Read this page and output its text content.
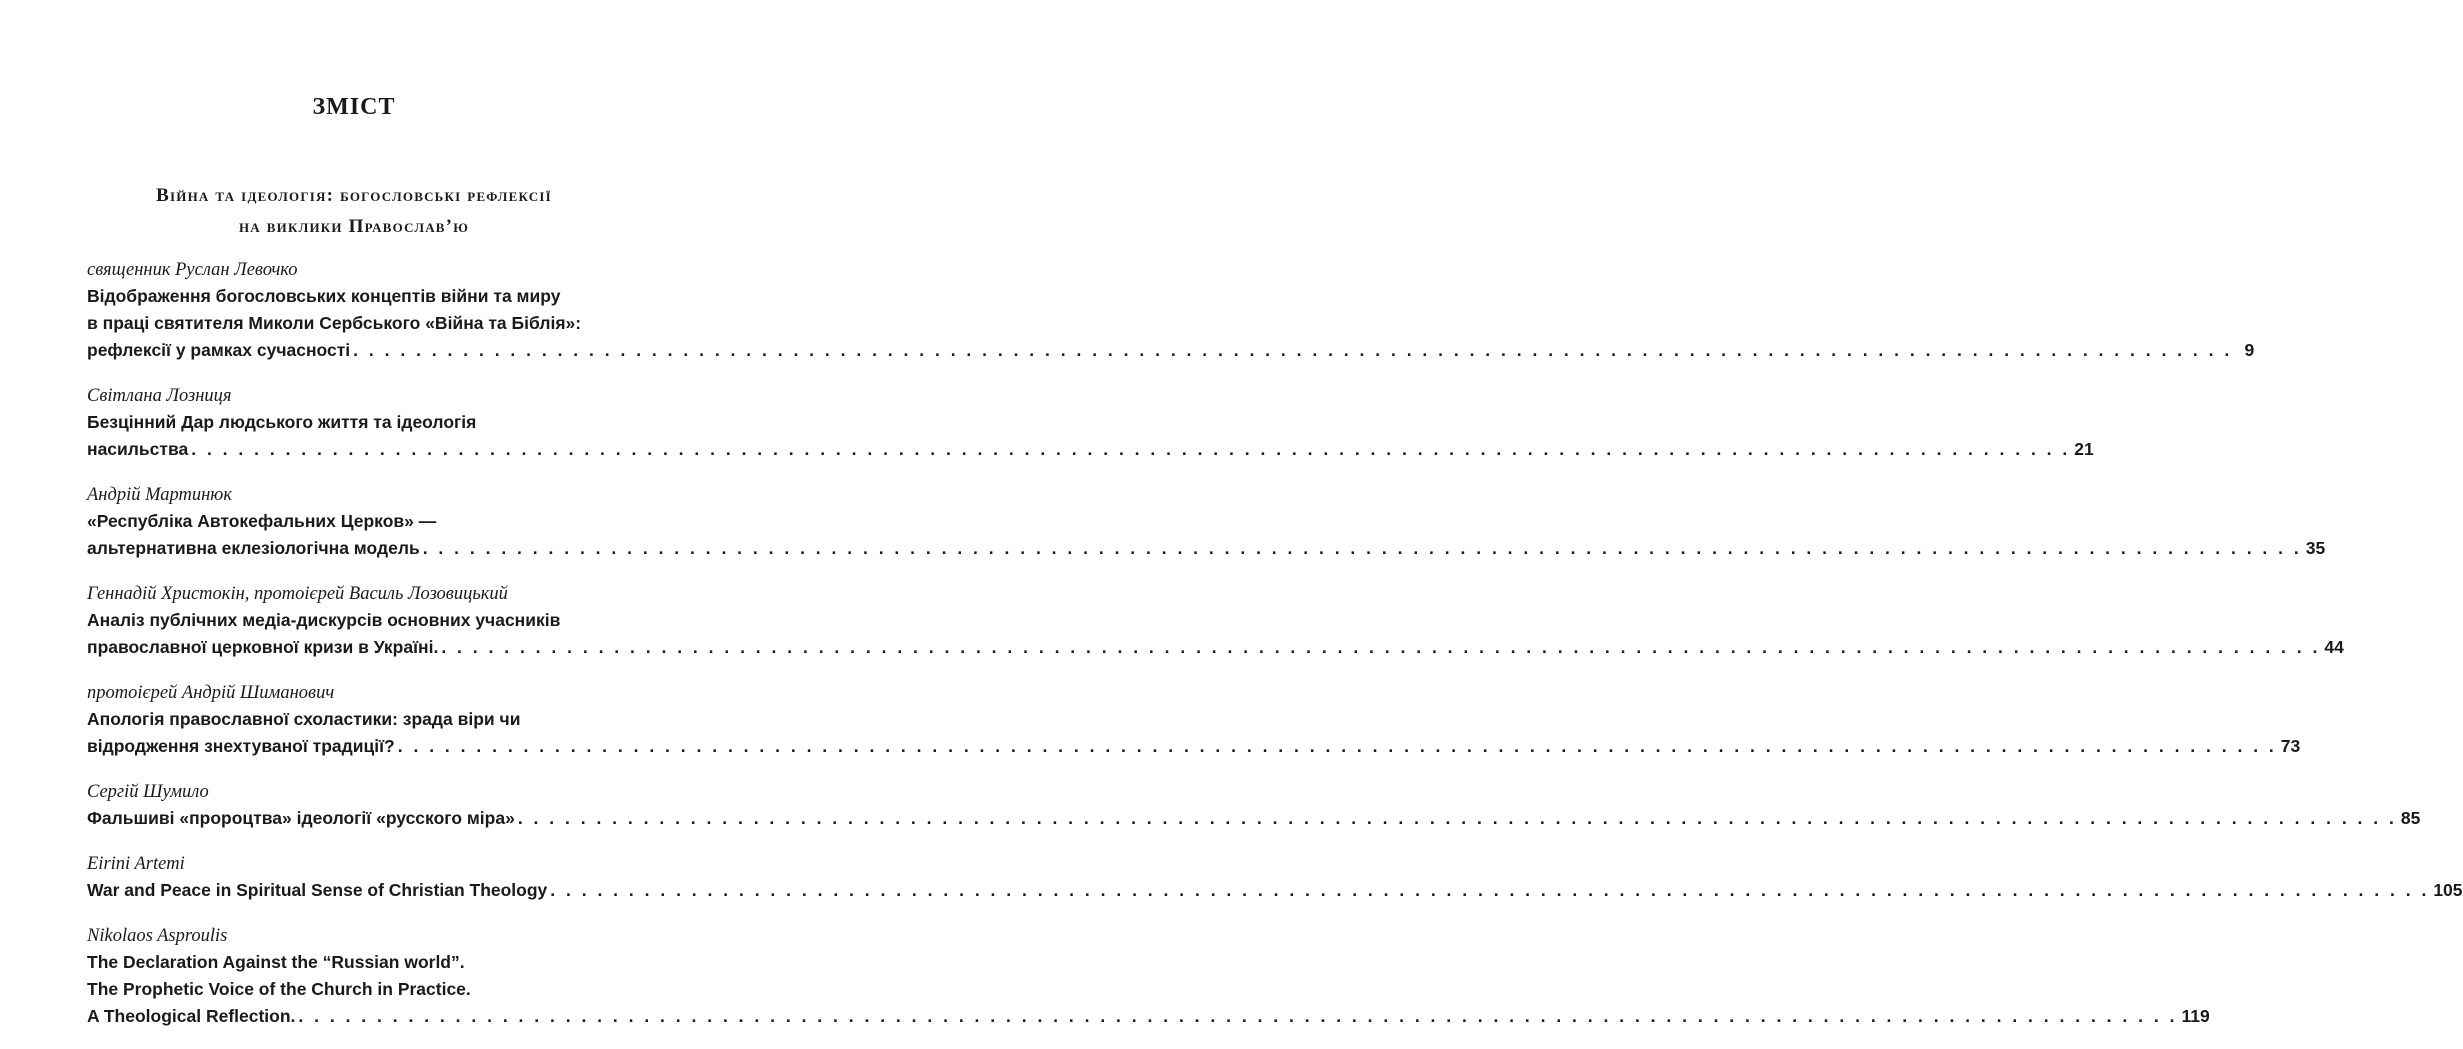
ЗМІСТ
Війна та ідеологія: богословські рефлексії
на виклики Православ’ю
священник Руслан Левочко
Відображення богословських концептів війни та миру
в праці святителя Миколи Сербського «Війна та Біблія»:
рефлексії у рамках сучасності . . . . . . . . . . . . . . . . . . . . . . . . . . . . . . . . . . . . . . . . . . . . . . . . . . . . . . . . . . . . . . . . . . . . . . . . . . . . . . . . . . . . . . . . . . . . . . . . . . . . . . . . . . . . . . . . . . . . . . . . 9
Світлана Лозниця
Безцінний Дар людського життя та ідеологія
насильства . . . . . . . . . . . . . . . . . . . . . . . . . . . . . . . . . . . . . . . . . . . . . . . . . . . . . . . . . . . . . . . . . . . . . . . . . . . . . . . . . . . . . . . . . . . . . . . . . . . . . . . . . . . . . . . . . . . . . . . . 21
Андрій Мартинюк
«Республіка Автокефальних Церков» —
альтернативна еклезіологічна модель . . . . . . . . . . . . . . . . . . . . . . . . . . . . . . . . . . . . . . . . . . . . . . . . . . . . . . . . . . . . . . . . . . . . . . . . . . . . . . . . . . . . . . . . . . . . . . . . . . . . . . . . . . . . . . . . . . . . . . . . 35
Геннадій Христокін, протоієрей Василь Лозовицький
Аналіз публічних медіа-дискурсів основних учасників
православної церковної кризи в Україні. . . . . . . . . . . . . . . . . . . . . . . . . . . . . . . . . . . . . . . . . . . . . . . . . . . . . . . . . . . . . . . . . . . . . . . . . . . . . . . . . . . . . . . . . . . . . . . . . . . . . . . . . . . . . . . . . . . . . . . . . 44
протоієрей Андрій Шиманович
Апологія православної схоластики: зрада віри чи
відродження знехтуваної традиції? . . . . . . . . . . . . . . . . . . . . . . . . . . . . . . . . . . . . . . . . . . . . . . . . . . . . . . . . . . . . . . . . . . . . . . . . . . . . . . . . . . . . . . . . . . . . . . . . . . . . . . . . . . . . . . . . . . . . . . . . 73
Сергій Шумило
Фальшиві «пророцтва» ідеології «русского міра» . . . . . . . . . . . . . . . . . . . . . . . . . . . . . . . . . . . . . . . . . . . . . . . . . . . . . . . . . . . . . . . . . . . . . . . . . . . . . . . . . . . . . . . . . . . . . . . . . . . . . . . . . . . . . . . . . . . . . . . . 85
Eirini Artemi
War and Peace in Spiritual Sense of Christian Theology . . . . . . . . . . . . . . . . . . . . . . . . . . . . . . . . . . . . . . . . . . . . . . . . . . . . . . . . . . . . . . . . . . . . . . . . . . . . . . . . . . . . . . . . . . . . . . . . . . . . . . . . . . . . . . . . . . . . . . . . 105
Nikolaos Asproulis
The Declaration Against the “Russian world”.
The Prophetic Voice of the Church in Practice.
A Theological Reflection. . . . . . . . . . . . . . . . . . . . . . . . . . . . . . . . . . . . . . . . . . . . . . . . . . . . . . . . . . . . . . . . . . . . . . . . . . . . . . . . . . . . . . . . . . . . . . . . . . . . . . . . . . . . . . . . . . . . . . . . . 119
